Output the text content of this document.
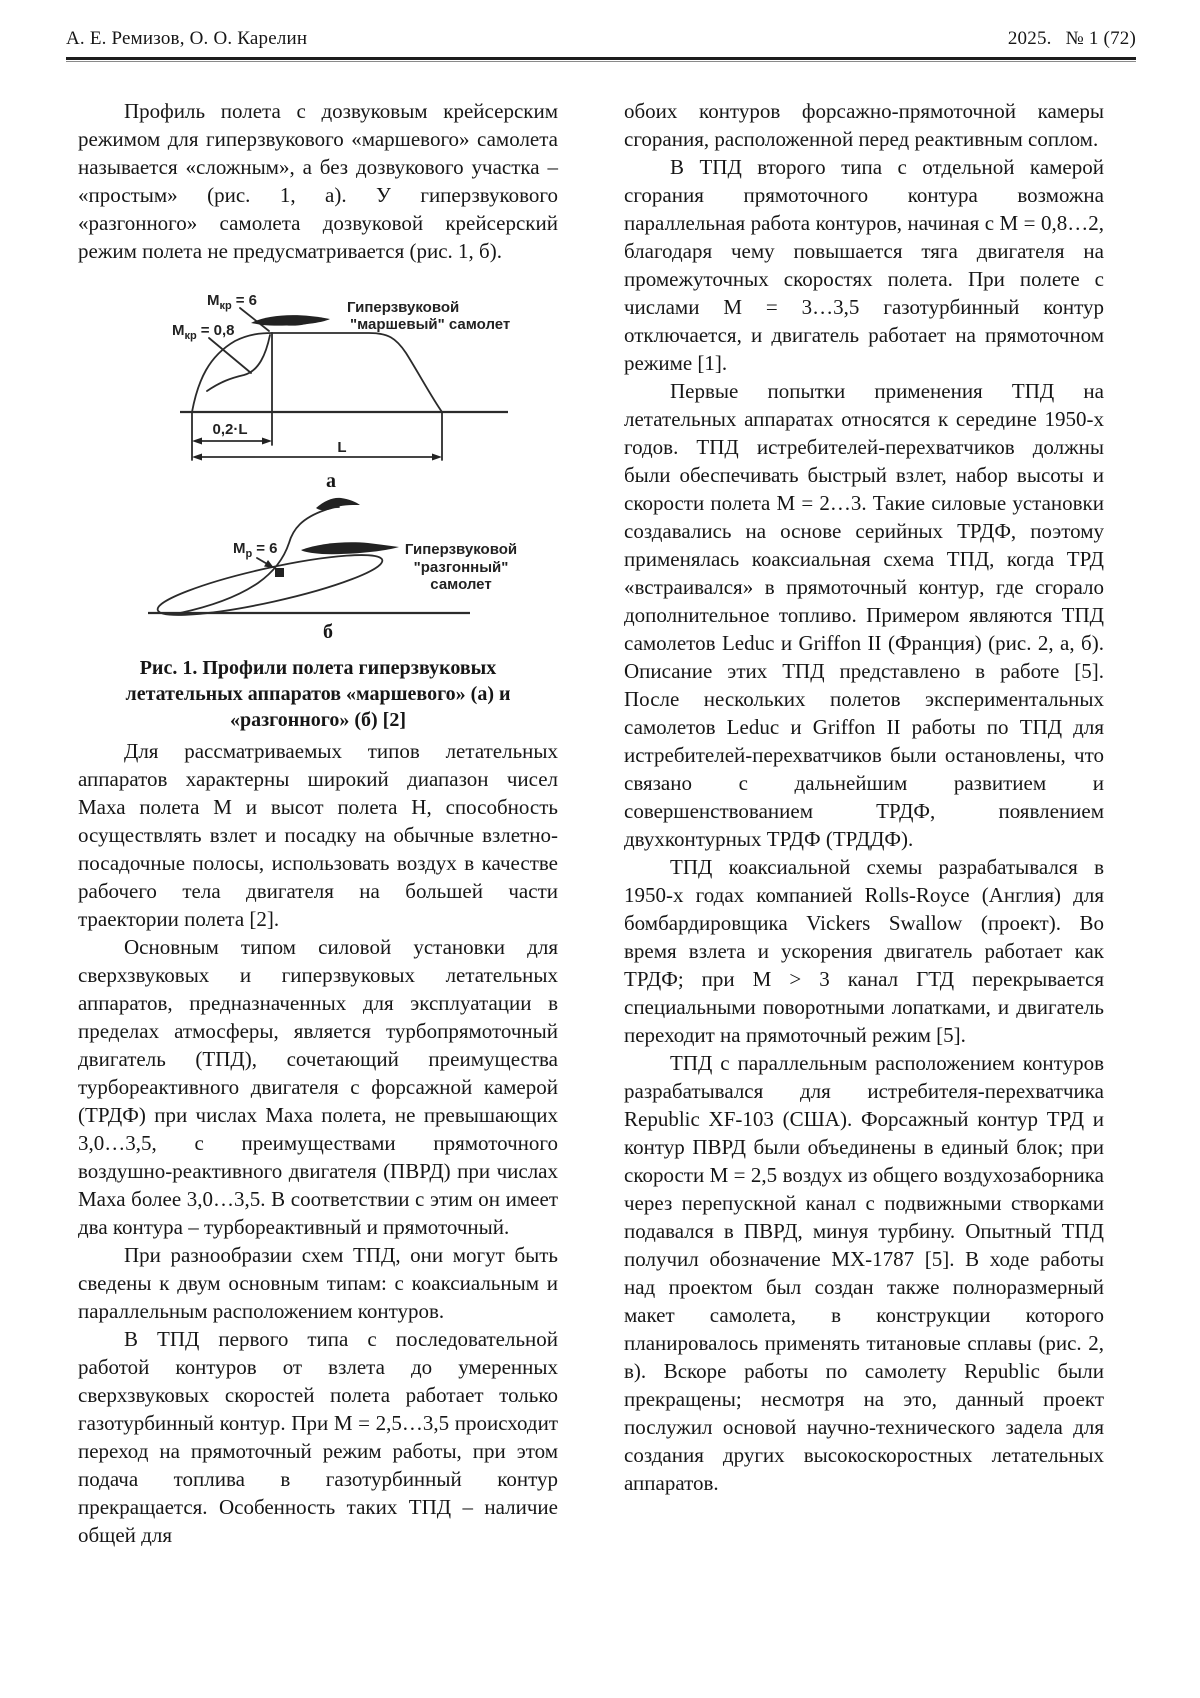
А. Е. Ремизов, О. О. Карелин	2025. № 1 (72)

Профиль полета с дозвуковым крейсерским режимом для гиперзвукового «маршевого» самолета называется «сложным», а без дозвукового участка – «простым» (рис. 1, а). У гиперзвукового «разгонного» самолета дозвуковой крейсерский режим полета не предусматривается (рис. 1, б).

$М_{кр} = 6$
$М_{кр} = 0,8$
Гиперзвуковой
"маршевый" самолет
0,2·L
L
а
$М_р = 6$	Гиперзвуковой
"разгонный"
самолет
б
Рис. 1. Профили полета гиперзвуковых летательных аппаратов «маршевого» (а) и «разгонного» (б) [2]

Для рассматриваемых типов летательных аппаратов характерны широкий диапазон чисел Маха полета М и высот полета H, способность осуществлять взлет и посадку на обычные взлетно-посадочные полосы, использовать воздух в качестве рабочего тела двигателя на большей части траектории полета [2].

Основным типом силовой установки для сверхзвуковых и гиперзвуковых летательных аппаратов, предназначенных для эксплуатации в пределах атмосферы, является турбопрямоточный двигатель (ТПД), сочетающий преимущества турбореактивного двигателя с форсажной камерой (ТРДФ) при числах Маха полета, не превышающих 3,0…3,5, с преимуществами прямоточного воздушно-реактивного двигателя (ПВРД) при числах Маха более 3,0…3,5. В соответствии с этим он имеет два контура – турбореактивный и прямоточный.

При разнообразии схем ТПД, они могут быть сведены к двум основным типам: с коаксиальным и параллельным расположением контуров.

В ТПД первого типа с последовательной работой контуров от взлета до умеренных сверхзвуковых скоростей полета работает только газотурбинный контур. При М = 2,5…3,5 происходит переход на прямоточный режим работы, при этом подача топлива в газотурбинный контур прекращается. Особенность таких ТПД – наличие общей для

обоих контуров форсажно-прямоточной камеры сгорания, расположенной перед реактивным соплом.

В ТПД второго типа с отдельной камерой сгорания прямоточного контура возможна параллельная работа контуров, начиная с М = 0,8…2, благодаря чему повышается тяга двигателя на промежуточных скоростях полета. При полете с числами М = 3…3,5 газотурбинный контур отключается, и двигатель работает на прямоточном режиме [1].

Первые попытки применения ТПД на летательных аппаратах относятся к середине 1950-х годов. ТПД истребителей-перехватчиков должны были обеспечивать быстрый взлет, набор высоты и скорости полета М = 2…3. Такие силовые установки создавались на основе серийных ТРДФ, поэтому применялась коаксиальная схема ТПД, когда ТРД «встраивался» в прямоточный контур, где сгорало дополнительное топливо. Примером являются ТПД самолетов Leduc и Griffon II (Франция) (рис. 2, а, б). Описание этих ТПД представлено в работе [5]. После нескольких полетов экспериментальных самолетов Leduc и Griffon II работы по ТПД для истребителей-перехватчиков были остановлены, что связано с дальнейшим развитием и совершенствованием ТРДФ, появлением двухконтурных ТРДФ (ТРДДФ).

ТПД коаксиальной схемы разрабатывался в 1950-х годах компанией Rolls-Royce (Англия) для бомбардировщика Vickers Swallow (проект). Во время взлета и ускорения двигатель работает как ТРДФ; при М > 3 канал ГТД перекрывается специальными поворотными лопатками, и двигатель переходит на прямоточный режим [5].

ТПД с параллельным расположением контуров разрабатывался для истребителя-перехватчика Republic XF-103 (США). Форсажный контур ТРД и контур ПВРД были объединены в единый блок; при скорости М = 2,5 воздух из общего воздухозаборника через перепускной канал с подвижными створками подавался в ПВРД, минуя турбину. Опытный ТПД получил обозначение МХ-1787 [5]. В ходе работы над проектом был создан также полноразмерный макет самолета, в конструкции которого планировалось применять титановые сплавы (рис. 2, в). Вскоре работы по самолету Republic были прекращены; несмотря на это, данный проект послужил основой научно-технического задела для создания других высокоскоростных летательных аппаратов.
